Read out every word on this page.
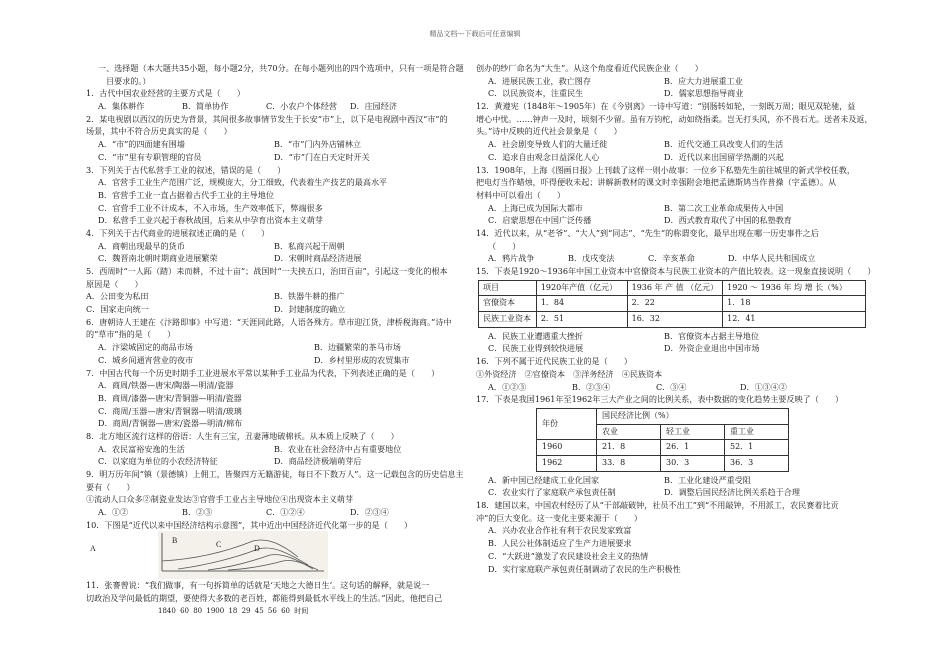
精品文档---下载后可任意编辑
一、选择题（本大题共35小题，每小题2分，共70分。在每小题列出的四个选项中，只有一项是符合题
目要求的。）
1．古代中国农业经营的主要方式是（　　）
A．集体耕作	B．简单协作	C．小农户个体经营	D．庄园经济
2．某电视剧以西汉的历史为背景，其间很多故事情节发生于长安“市”上，以下是电视剧中西汉“市”的
场景，其中不符合历史真实的是（　　）
A．“市”的四面建有围墙	B．“市”门内外店铺林立
C．“市”里有专职管理的官员	D．“市”门在白天定时开关
3．下列关于古代私营手工业的叙述，错误的是（　　）
A．官营手工业生产范围广泛，规模庞大，分工细致，代表着生产技艺的最高水平
B．官营手工业一直占据着古代手工业的主导地位
C．官营手工业不计成本，不入市场，生产效率低下，弊端很多
D．私营手工业兴起于春秋战国，后来从中孕育出资本主义萌芽
4．下列关于古代商业的进展叙述正确的是（　　）
A．商朝出现最早的货币	B．私商兴起于周朝
C．魏晋南北朝时期商业进展繁荣	D．宋朝时商品经济进展
5．西周时“一人跖（踏）耒而耕，不过十亩”；战国时“一夫挟五口，治田百亩”，引起这一变化的根本
原因是（　　）
A．公田变为私田	B．铁器牛耕的推广
C．国家走向统一	D．封建制度的确立
6．唐朝诗人王建在《汴路即事》中写道：“天涯同此路，人语各殊方。草市迎江货，津桥税海商。”诗中
的“草市”指的是（　　）
A．汴梁城固定的商品市场	B．边疆繁荣的茶马市场
C．城乡间通宵营业的夜市	D．乡村里形成的农贸集市
7．中国古代每一个历史时期手工业进展水平常以某种手工业品为代表，下列表述正确的是（　　）
A．商周/铁器—唐宋/陶器—明清/瓷器
B．商周/漆器—唐宋/青铜器—明清/瓷器
C．商周/玉器—唐宋/青铜器—明清/玻璃
D．商周/青铜器—唐宋/瓷器—明清/棉布
8．北方地区流行这样的俗语：人生有三宝，丑妻薄地破棉袄。从本质上反映了（　　）
A．农民富裕安逸的生活	B．农业在社会经济中占有重要地位
C．以家庭为单位的小农经济特征	D．商品经济极端萌芽后
9．明万历年间“镇（景德镇）上佣工，皆聚四方无籍游徒，每日不下数万人”。这一记载包含的历史信息主
要有（　　）
①流动人口众多②制瓷业发达③官营手工业占主导地位④出现资本主义萌芽
A．①②	B．②③	C．①②④	D．②③④
10．下图是“近代以来中国经济结构示意图”，其中近出中国经济近代化第一步的是（　　）
A
B	C	D
11．张謇曾说：“我们做事，有一句拆简单的话就是‘天地之大德日生’。这句话的解释，就是说一
切政治及学问最低的期望，要使得大多数的老百姓，都能得到最低水平线上的生活。”因此，他把自己
1840 60 80 1900 18 29 45 56 60 时间
创办的纱厂命名为“大生”。从这个角度看近代民族企业（　　）
A．进展民族工业，救亡图存	B．应大力进展重工业
C．以民族资本，注重民生	D．儒家思想指导商业
12．黄遵宪（1848年～1905年）在《今别离》一诗中写道：“别肠转如轮，一刻既万周；眼见双轮驰，益
增心中忧。……钟声一及时，顷刻不少留。虽有万钧柁，动如绕指柔。岂无打头风，亦不畏石尤。送者未及返，
头。”诗中反映的近代社会景象是（　　）
A．社会剧变导致人们的大量迁徙	B．近代交通工具改变人们的生活
C．追求自由观念日益深化人心	D．近代以来出国留学热潮的兴起
13．1908年，上海《图画日报》上刊载了这样一则小故事：一位乡下私塾先生前往城里的新式学校任教，
把电灯当作蜡烛，吓得便收未起；讲解新教材的课文时幸强附会地把孟德斯鸠当作普操（字孟德）。从
材料中可以看出（　　）
A．上海已成为国际大都市	B．第二次工业革命成果传入中国
C．启蒙思想在中国广泛传播	D．西式教育取代了中国的私塾教育
14．近代以来，从“老爷”、“大人”到“同志”、“先生”的称谓变化，最早出现在哪一历史事件之后
（　　）
A．鸦片战争	B．戊戌变法	C．辛亥革命	D．中华人民共和国成立
15．下表是1920～1936年中国工业资本中官僚资本与民族工业资本的产值比较表。这一现象直接说明（　　）
项目	1920年产值（亿元）	1936 年 产 值 （亿元）	1920 ～ 1936 年 均 增 长（%）
官僚资本	1．84	2．22	1．18
民族工业资本	2．51	16．32	12．41
A．民族工业遭遇重大挫折	B．官僚资本占据主导地位
C．民族工业得到较快进展	D．外资企业退出中国市场
16．下列不属于近代民族工业的是（　　）
①外资经济　②官僚资本　③洋务经济　④民族资本
A．①②③	B．②③④	C．③④	D．①③④②
17．下表是我国1961年至1962年三大产业之间的比例关系，表中数据的变化趋势主要反映了（　　）
年份	国民经济比例（%）		
	农业	轻工业	重工业
1960	21．8	26．1	52．1
1962	33．8	30．3	36．3
A．新中国已经建成工业化国家	B．工业化建设严重受阻
C．农业实行了家庭联产承包责任制	D．调整后国民经济比例关系趋于合理
18．建国以来，中国农村经历了从“干部敲破钟，社员不出工”到“不用敲钟，不用派工，农民赛着比贡
冲”的巨大变化。这一变化主要来源于（　　）
A．兴办农业合作社有利于农民发家致富
B．人民公社体制适应了生产力进展要求
C．“大跃进”激发了农民建设社会主义的热情
D．实行家庭联产承包责任制调动了农民的生产积极性
